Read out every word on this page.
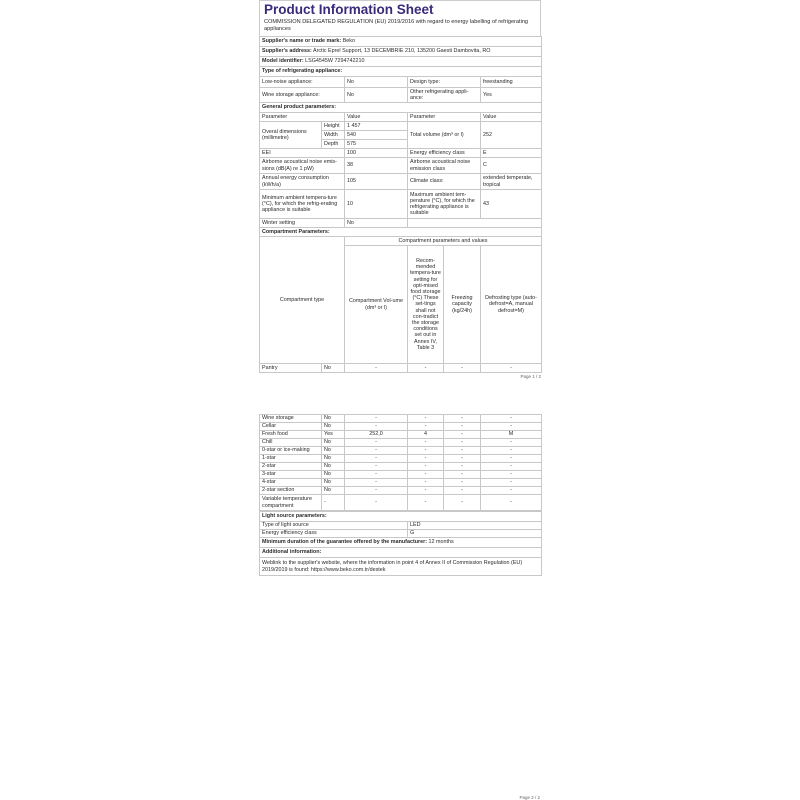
Product Information Sheet
COMMISSION DELEGATED REGULATION (EU) 2019/2016 with regard to energy labelling of refrigerating appliances
Supplier's name or trade mark: Beko					
Supplier's address: Arctic Eprel Support, 13 DECEMBRIE 210, 135200 Gaesti Dambovita, RO					
Model identifier: LSG4545W 7294742210					
Type of refrigerating appliance:					
Low-noise appliance:		No	Design type:		freestanding
Wine storage appliance:		No	Other refrigerating appli-ance:		Yes
General product parameters:					
Parameter		Value	Parameter		Value
Overal dimensions (millimetre)	Height	1 457	Total volume (dm³ or l)		252
	Width	540			
	Depth	575			
EEI		100	Energy efficiency class		E
Airborne acoustical noise emis-sions (dB(A) re 1 pW)		38	Airborne acoustical noise emission class		C
Annual energy consumption (kWh/a)		105	Climate class:		extended temperate, tropical
Minimum ambient tempera-ture (°C), for which the refrig-erating appliance is suitable		10	Maximum ambient tem-perature (°C), for which the refrigerating appliance is suitable		43
Winter setting		No			
Compartment Parameters:					
Compartment type		Compartment parameters and values			
		Compartment Vol-ume (dm³ or l)	Recom-mended tempera-ture setting for opti-mised food storage (°C) These set-tings shall not con-tradict the storage conditions set out in Annex IV, Table 3	Freezing capacity (kg/24h)	Defrosting type (auto-defrost=A, manual defrost=M)
Pantry	No	-	-	-	-
Page 1 / 2
Wine storage	No	-	-	-	-
Cellar	No	-	-	-	-
Fresh food	Yes	252,0	4	-	M
Chill	No	-	-	-	-
0-star or ice-making	No	-	-	-	-
1-star	No	-	-	-	-
2-star	No	-	-	-	-
3-star	No	-	-	-	-
4-star	No	-	-	-	-
2-star section	No	-	-	-	-
Variable temperature compartment	-	-	-	-	-
Light source parameters:	
Type of light source	LED
Energy efficiency class	G
Minimum duration of the guarantee offered by the manufacturer: 12 months	
Additional information:	
Weblink to the supplier's website, where the information in point 4 of Annex II of Commission Regulation (EU) 2019/2019 is found: https://www.beko.com.tr/destek	
Page 2 / 2
